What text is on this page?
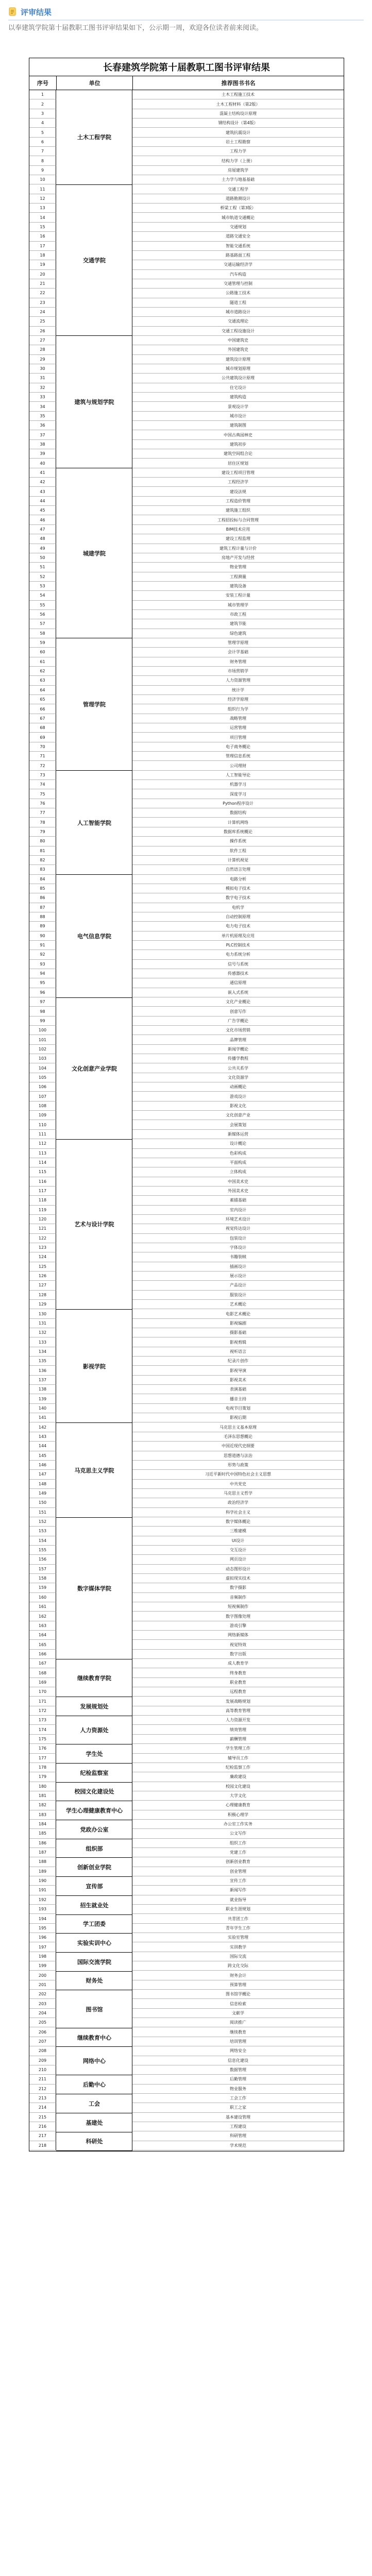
评审结果
以奉建筑学院第十届教职工图书评审结果如下，公示期一周，欢迎各位读者前来阅读。
长春建筑学院第十届教职工图书评审结果
序号	单位	推荐图书书名
1
2
3
4
5
6
7
8
9
10
11
12
13
14
15
16
17
18
19
20
21
22
23
24
25
26
27
28
29
30
31
32
33
34
35
36
37
38
39
40
41
42
43
44
45
46
47
48
49
50
51
52
53
54
55
56
57
58
59
60
61
62
63
64
65
66
67
68
69
70
71
72
73
74
75
76
77
78
79
80
81
82
83
84
85
86
87
88
89
90
91
92
93
94
95
96
97
98
99
100
101
102
103
104
105
106
107
108
109
110
111
112
113
114
115
116
117
118
119
120
121
122
123
124
125
126
127
128
129
130
131
132
133
134
135
136
137
138
139
140
141
142
143
144
145
146
147
148
149
150
151
152
153
154
155
156
157
158
159
160
161
162
163
164
165
166
167
168
169
170
171
172
173
174
175
176
177
178
179
180
181
182
183
184
185
186
187
188
189
190
191
192
193
194
195
196
197
198
199
200
201
202
203
204
205
206
207
208
209
210
211
212
213
214
215
216
217
218
土木工程学院
交通学院
建筑与规划学院
城建学院
管理学院
人工智能学院
电气信息学院
文化创意产业学院
艺术与设计学院
影视学院
马克思主义学院
数字媒体学院
继续教育学院
发展规划处
人力资源处
学生处
纪检监察室
校园文化建设处
学生心理健康教育中心
党政办公室
组织部
创新创业学院
宣传部
招生就业处
学工团委
实验实训中心
国际交流学院
财务处
图书馆
继续教育中心
网络中心
后勤中心
工会
基建处
科研处
土木工程施工技术
土木工程材料（第2版）
混凝土结构设计原理
钢结构设计（第4版）
建筑抗震设计
岩土工程勘察
工程力学
结构力学（上册）
房屋建筑学
土力学与地基基础
交通工程学
道路勘测设计
桥梁工程（第3版）
城市轨道交通概论
交通规划
道路交通安全
智能交通系统
路基路面工程
交通运输经济学
汽车构造
交通管理与控制
公路施工技术
隧道工程
城市道路设计
交通流理论
交通工程设施设计
中国建筑史
外国建筑史
建筑设计原理
城市规划原理
公共建筑设计原理
住宅设计
建筑构造
景观设计学
城市设计
建筑制图
中国古典园林史
建筑初步
建筑空间组合论
居住区规划
建设工程项目管理
工程经济学
建设法规
工程造价管理
建筑施工组织
工程招投标与合同管理
BIM技术应用
建设工程监理
建筑工程计量与计价
房地产开发与经营
物业管理
工程测量
建筑设备
安装工程计量
城市管理学
市政工程
建筑节能
绿色建筑
管理学原理
会计学基础
财务管理
市场营销学
人力资源管理
统计学
经济学原理
组织行为学
战略管理
运营管理
项目管理
电子商务概论
管理信息系统
公司理财
人工智能导论
机器学习
深度学习
Python程序设计
数据结构
计算机网络
数据库系统概论
操作系统
软件工程
计算机视觉
自然语言处理
电路分析
模拟电子技术
数字电子技术
电机学
自动控制原理
电力电子技术
单片机原理及应用
PLC控制技术
电力系统分析
信号与系统
传感器技术
通信原理
嵌入式系统
文化产业概论
创意写作
广告学概论
文化市场营销
品牌管理
新闻学概论
传播学教程
公共关系学
文化资源学
动画概论
游戏设计
影视文化
文化创意产业
会展策划
新媒体运营
设计概论
色彩构成
平面构成
立体构成
中国美术史
外国美术史
素描基础
室内设计
环境艺术设计
视觉传达设计
包装设计
字体设计
书籍装帧
插画设计
展示设计
产品设计
服装设计
艺术概论
电影艺术概论
影视编剧
摄影基础
影视剪辑
视听语言
纪录片创作
影视导演
影视美术
表演基础
播音主持
电视节目策划
影视后期
马克思主义基本原理
毛泽东思想概论
中国近现代史纲要
思想道德与法治
形势与政策
习近平新时代中国特色社会主义思想
中共党史
马克思主义哲学
政治经济学
科学社会主义
数字媒体概论
三维建模
UI设计
交互设计
网页设计
动态图形设计
虚拟现实技术
数字摄影
音频制作
短视频制作
数字图像处理
游戏引擎
网络新媒体
视觉特效
数字出版
成人教育学
终身教育
职业教育
远程教育
发展战略规划
高等教育管理
人力资源开发
绩效管理
薪酬管理
学生管理工作
辅导员工作
纪检监察工作
廉政建设
校园文化建设
大学文化
心理健康教育
积极心理学
办公室工作实务
公文写作
组织工作
党建工作
创新创业教育
创业管理
宣传工作
新闻写作
就业指导
职业生涯规划
共青团工作
青年学生工作
实验室管理
实训教学
国际交流
跨文化交际
财务会计
预算管理
图书馆学概论
信息检索
文献学
阅读推广
继续教育
培训管理
网络安全
信息化建设
数据管理
后勤管理
物业服务
工会工作
职工之家
基本建设管理
工程建设
科研管理
学术规范
